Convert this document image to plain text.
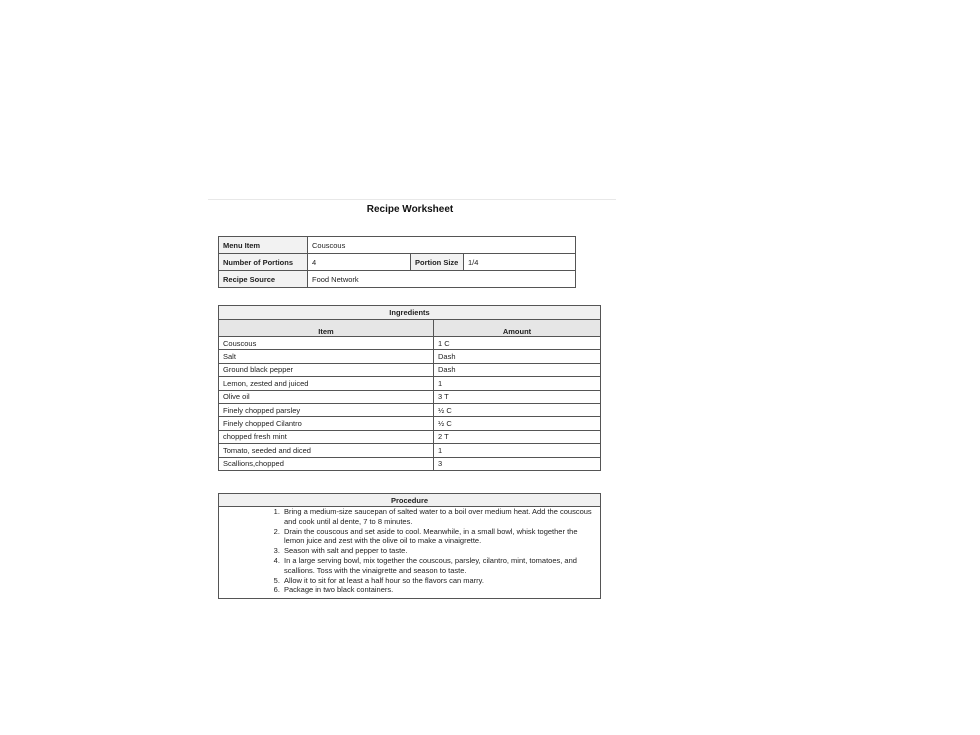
Recipe Worksheet
Menu Item	Couscous		
Number of Portions	4	Portion Size	1/4
Recipe Source	Food Network		
Ingredients	
Item	Amount
Couscous	1 C
Salt	Dash
Ground black pepper	Dash
Lemon, zested and juiced	1
Olive oil	3 T
Finely chopped parsley	½ C
Finely chopped Cilantro	½ C
chopped fresh mint	2 T
Tomato, seeded and diced	1
Scallions,chopped	3
Procedure

1. Bring a medium-size saucepan of salted water to a boil over medium heat. Add the couscous and cook until al dente, 7 to 8 minutes.
2. Drain the couscous and set aside to cool. Meanwhile, in a small bowl, whisk together the lemon juice and zest with the olive oil to make a vinaigrette.
3. Season with salt and pepper to taste.
4. In a large serving bowl, mix together the couscous, parsley, cilantro, mint, tomatoes, and scallions. Toss with the vinaigrette and season to taste.
5. Allow it to sit for at least a half hour so the flavors can marry.
6. Package in two black containers.
